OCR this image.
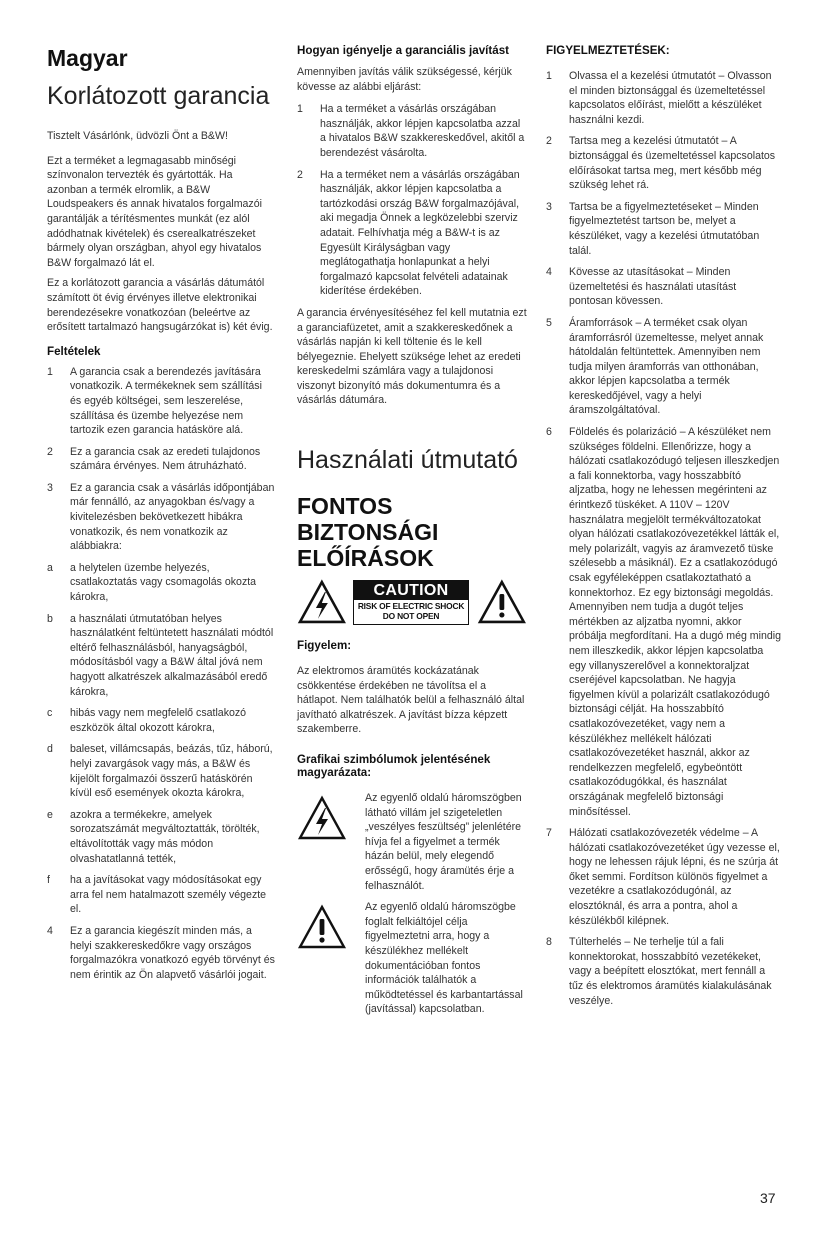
Magyar
Korlátozott garancia

Tisztelt Vásárlónk, üdvözli Önt a B&W!

Ezt a terméket a legmagasabb minőségi színvonalon tervezték és gyártották. Ha azonban a termék elromlik, a B&W Loudspeakers és annak hivatalos forgalmazói garantálják a térítésmentes munkát (ez alól adódhatnak kivételek) és cserealkatrészeket bármely olyan országban, ahyol egy hivatalos B&W forgalmazó lát el.

Ez a korlátozott garancia a vásárlás dátumától számított öt évig érvényes illetve elektronikai berendezésekre vonatkozóan (beleértve az erősített tartalmazó hangsugárzókat is) két évig.

Feltételek
1 A garancia csak a berendezés javítására vonatkozik. A termékeknek sem szállítási és egyéb költségei, sem leszerelése, szállítása és üzembe helyezése nem tartozik ezen garancia hatásköre alá.
2 Ez a garancia csak az eredeti tulajdonos számára érvényes. Nem átruházható.
3 Ez a garancia csak a vásárlás időpontjában már fennálló, az anyagokban és/vagy a kivitelezésben bekövetkezett hibákra vonatkozik, és nem vonatkozik az alábbiakra:
a a helytelen üzembe helyezés, csatlakoztatás vagy csomagolás okozta károkra,
b a használati útmutatóban helyes használatként feltüntetett használati módtól eltérő felhasználásból, hanyagságból, módosításból vagy a B&W által jóvá nem hagyott alkatrészek alkalmazásából eredő károkra,
c hibás vagy nem megfelelő csatlakozó eszközök által okozott károkra,
d baleset, villámcsapás, beázás, tűz, háború, helyi zavargások vagy más, a B&W és kijelölt forgalmazói összerű hatáskörén kívül eső események okozta károkra,
e azokra a termékekre, amelyek sorozatszámát megváltoztatták, törölték, eltávolították vagy más módon olvashatatlanná tették,
f ha a javításokat vagy módosításokat egy arra fel nem hatalmazott személy végezte el.
4 Ez a garancia kiegészít minden más, a helyi szakkereskedőkre vagy országos forgalmazókra vonatkozó egyéb törvényt és nem érintik az Ön alapvető vásárlói jogait.
Hogyan igényelje a garanciális javítást

Amennyiben javítás válik szükségessé, kérjük kövesse az alábbi eljárást:

1 Ha a terméket a vásárlás országában használják, akkor lépjen kapcsolatba azzal a hivatalos B&W szakkereskedővel, akitől a berendezést vásárolta.
2 Ha a terméket nem a vásárlás országában használják, akkor lépjen kapcsolatba a tartózkodási ország B&W forgalmazójával, aki megadja Önnek a legközelebbi szerviz adatait. Felhívhatja még a B&W-t is az Egyesült Királyságban vagy meglátogathatja honlapunkat a helyi forgalmazó kapcsolat felvételi adatainak kiderítése érdekében.

A garancia érvényesítéséhez fel kell mutatnia ezt a garanciafüzetet, amit a szakkereskedőnek a vásárlás napján ki kell töltenie és le kell bélyegeznie. Ehelyett szüksége lehet az eredeti kereskedelmi számlára vagy a tulajdonosi viszonyt bizonyító más dokumentumra és a vásárlás dátumára.

Használati útmutató
FONTOS BIZTONSÁGI ELŐÍRÁSOK
CAUTION
RISK OF ELECTRIC SHOCK
DO NOT OPEN
Figyelem:

Az elektromos áramütés kockázatának csökkentése érdekében ne távolítsa el a hátlapot. Nem találhatók belül a felhasználó által javítható alkatrészek. A javítást bízza képzett szakemberre.

Grafikai szimbólumok jelentésének magyarázata:

Az egyenlő oldalú háromszögben látható villám jel szigeteletlen „veszélyes feszültség” jelenlétére hívja fel a figyelmet a termék házán belül, mely elegendő erősségű, hogy áramütés érje a felhasználót.

Az egyenlő oldalú háromszögbe foglalt felkiáltójel célja figyelmeztetni arra, hogy a készülékhez mellékelt dokumentációban fontos információk találhatók a működtetéssel és karbantartással (javítással) kapcsolatban.

FIGYELMEZTETÉSEK:
1 Olvassa el a kezelési útmutatót – Olvasson el minden biztonsággal és üzemeltetéssel kapcsolatos előírást, mielőtt a készüléket használni kezdi.
2 Tartsa meg a kezelési útmutatót – A biztonsággal és üzemeltetéssel kapcsolatos előírásokat tartsa meg, mert később még szükség lehet rá.
3 Tartsa be a figyelmeztetéseket – Minden figyelmeztetést tartson be, melyet a készüléket, vagy a kezelési útmutatóban talál.
4 Kövesse az utasításokat – Minden üzemeltetési és használati utasítást pontosan kövessen.
5 Áramforrások – A terméket csak olyan áramforrásról üzemeltesse, melyet annak hátoldalán feltüntettek. Amennyiben nem tudja milyen áramforrás van otthonában, akkor lépjen kapcsolatba a termék kereskedőjével, vagy a helyi áramszolgáltatóval.
6 Földelés és polarizáció – A készüléket nem szükséges földelni. Ellenőrizze, hogy a hálózati csatlakozódugó teljesen illeszkedjen a fali konnektorba, vagy hosszabbító aljzatba, hogy ne lehessen megérinteni az érintkező tüskéket. A 110V – 120V használatra megjelölt termékváltozatokat olyan hálózati csatlakozóvezetékkel látták el, mely polarizált, vagyis az áramvezető tüske szélesebb a másiknál). Ez a csatlakozódugó csak egyféleképpen csatlakoztatható a konnektorhoz. Ez egy biztonsági megoldás. Amennyiben nem tudja a dugót teljes mértékben az aljzatba nyomni, akkor próbálja megfordítani. Ha a dugó még mindig nem illeszkedik, akkor lépjen kapcsolatba egy villanyszerelővel a konnektoraljzat cseréjével kapcsolatban. Ne hagyja figyelmen kívül a polarizált csatlakozódugó biztonsági célját. Ha hosszabbító csatlakozóvezetéket, vagy nem a készülékhez mellékelt hálózati csatlakozóvezetéket használ, akkor az rendelkezzen megfelelő, egybeöntött csatlakozódugókkal, és használat országának megfelelő biztonsági minősítéssel.
7 Hálózati csatlakozóvezeték védelme – A hálózati csatlakozóvezetéket úgy vezesse el, hogy ne lehessen rájuk lépni, és ne szúrja át őket semmi. Fordítson különös figyelmet a vezetékre a csatlakozódugónál, az elosztóknál, és arra a pontra, ahol a készülékből kilépnek.
8 Túlterhelés – Ne terhelje túl a fali konnektorokat, hosszabbító vezetékeket, vagy a beépített elosztókat, mert fennáll a tűz és elektromos áramütés kialakulásának veszélye.
37
